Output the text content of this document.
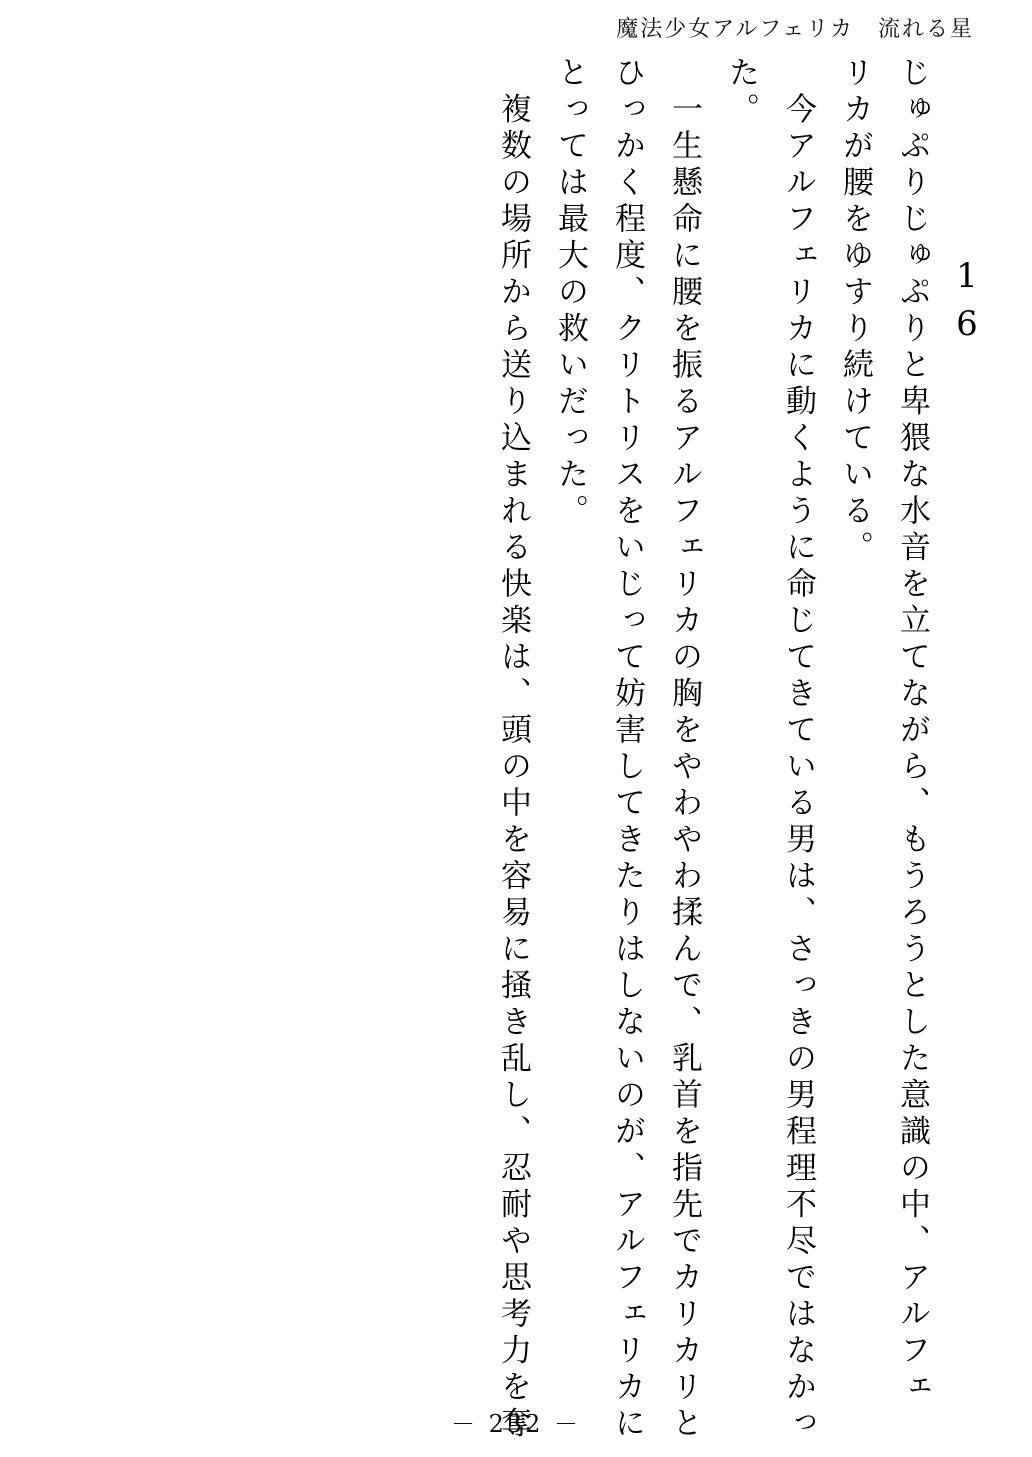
魔法少女アルフェリカ　流れる星
16
じゅぷりじゅぷりと卑猥な水音を立てながら、もうろうとした意識の中、アルフェ
リカが腰をゆすり続けている。
　今アルフェリカに動くように命じてきている男は、さっきの男程理不尽ではなかっ
た。
　一生懸命に腰を振るアルフェリカの胸をやわやわ揉んで、乳首を指先でカリカリと
ひっかく程度、クリトリスをいじって妨害してきたりはしないのが、アルフェリカに
とっては最大の救いだった。
　複数の場所から送り込まれる快楽は、頭の中を容易に掻き乱し、忍耐や思考力を奪
－ 232 －
